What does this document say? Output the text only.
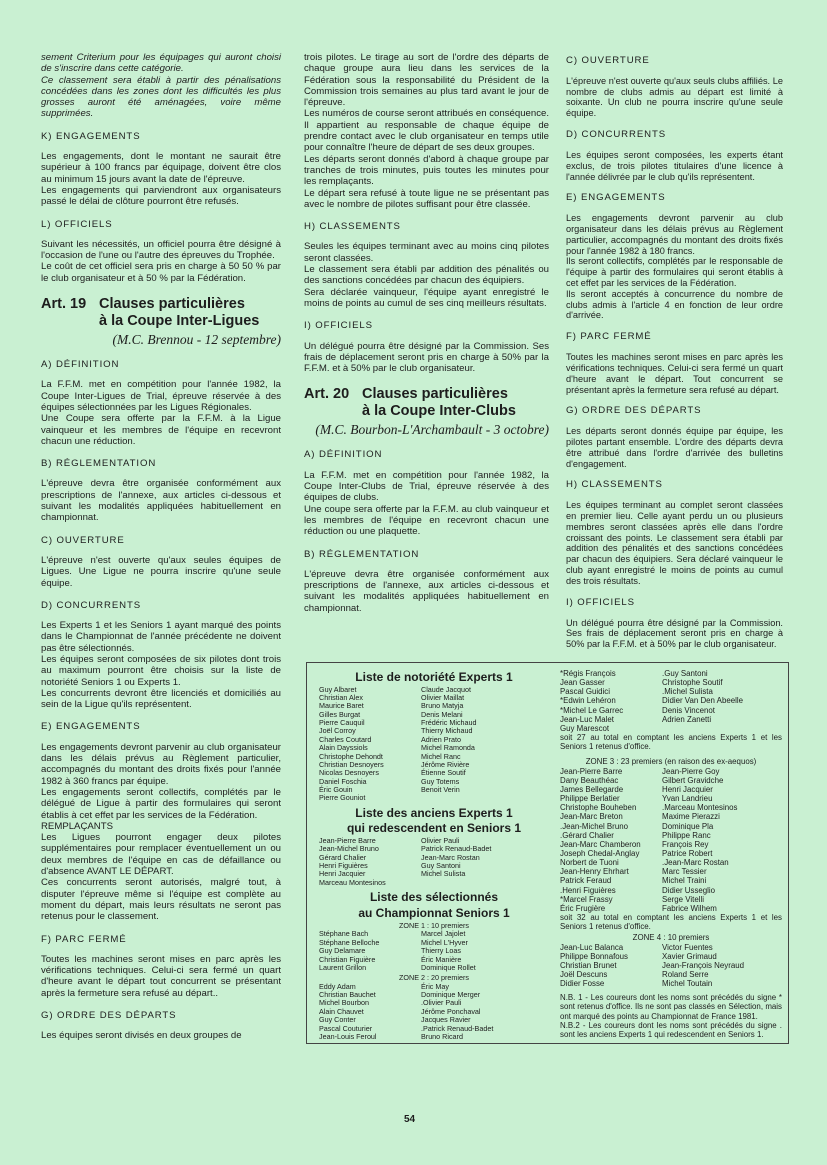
sement Criterium pour les équipages qui auront choisi de s'inscrire dans cette catégorie.

Ce classement sera établi à partir des pénalisations concédées dans les zones dont les difficultés les plus grosses auront été aménagées, voire même supprimées.

K) ENGAGEMENTS

Les engagements, dont le montant ne saurait être supérieur à 100 francs par équipage, doivent être clos au minimum 15 jours avant la date de l'épreuve.

Les engagements qui parviendront aux organisateurs passé le délai de clôture pourront être refusés.

L) OFFICIELS

Suivant les nécessités, un officiel pourra être désigné à l'occasion de l'une ou l'autre des épreuves du Trophée.

Le coût de cet officiel sera pris en charge à 50 50 % par le club organisateur et à 50 % par la Fédération.

Art. 19 Clauses particulières
à la Coupe Inter-Ligues
(M.C. Brennou - 12 septembre)
A) DÉFINITION

La F.F.M. met en compétition pour l'année 1982, la Coupe Inter-Ligues de Trial, épreuve réservée à des équipes sélectionnées par les Ligues Régionales.

Une Coupe sera offerte par la F.F.M. à la Ligue vainqueur et les membres de l'équipe en recevront chacun une réduction.

B) RÉGLEMENTATION

L'épreuve devra être organisée conformément aux prescriptions de l'annexe, aux articles ci-dessous et suivant les modalités appliquées habituellement en championnat.

C) OUVERTURE

L'épreuve n'est ouverte qu'aux seules équipes de Ligues. Une Ligue ne pourra inscrire qu'une seule équipe.

D) CONCURRENTS

Les Experts 1 et les Seniors 1 ayant marqué des points dans le Championnat de l'année précédente ne doivent pas être sélectionnés.

Les équipes seront composées de six pilotes dont trois au maximum pourront être choisis sur la liste de notoriété Seniors 1 ou Experts 1.

Les concurrents devront être licenciés et domiciliés au sein de la Ligue qu'ils représentent.

E) ENGAGEMENTS

Les engagements devront parvenir au club organisateur dans les délais prévus au Règlement particulier, accompagnés du montant des droits fixés pour l'année 1982 à 360 francs par équipe.

Les engagements seront collectifs, complétés par le délégué de Ligue à partir des formulaires qui seront établis à cet effet par les services de la Fédération.

REMPLAÇANTS

Les Ligues pourront engager deux pilotes supplémentaires pour remplacer éventuellement un ou deux membres de l'équipe en cas de défaillance ou d'absence AVANT LE DÉPART.

Ces concurrents seront autorisés, malgré tout, à disputer l'épreuve même si l'équipe est complète au moment du départ, mais leurs résultats ne seront pas retenus pour le classement.

F) PARC FERMÉ

Toutes les machines seront mises en parc après les vérifications techniques. Celui-ci sera fermé un quart d'heure avant le départ tout concurrent se présentant après la fermeture sera refusé au départ..

G) ORDRE DES DÉPARTS

Les équipes seront divisés en deux groupes de

trois pilotes. Le tirage au sort de l'ordre des départs de chaque groupe aura lieu dans les services de la Fédération sous la responsabilité du Président de la Commission trois semaines au plus tard avant le jour de l'épreuve.

Les numéros de course seront attribués en conséquence. Il appartient au responsable de chaque équipe de prendre contact avec le club organisateur en temps utile pour connaître l'heure de départ de ses deux groupes.

Les départs seront donnés d'abord à chaque groupe par tranches de trois minutes, puis toutes les minutes pour les remplaçants.

Le départ sera refusé à toute ligue ne se présentant pas avec le nombre de pilotes suffisant pour être classée.

H) CLASSEMENTS

Seules les équipes terminant avec au moins cinq pilotes seront classées.

Le classement sera établi par addition des pénalités ou des sanctions concédées par chacun des équipiers.

Sera déclarée vainqueur, l'équipe ayant enregistré le moins de points au cumul de ses cinq meilleurs résultats.

I) OFFICIELS

Un délégué pourra être désigné par la Commission. Ses frais de déplacement seront pris en charge à 50% par la F.F.M. et à 50% par le club organisateur.

Art. 20 Clauses particulières
à la Coupe Inter-Clubs
(M.C. Bourbon-L'Archambault - 3 octobre)
A) DÉFINITION

La F.F.M. met en compétition pour l'année 1982, la Coupe Inter-Clubs de Trial, épreuve réservée à des équipes de clubs.

Une coupe sera offerte par la F.F.M. au club vainqueur et les membres de l'équipe en recevront chacun une réduction ou une plaquette.

B) RÉGLEMENTATION

L'épreuve devra être organisée conformément aux prescriptions de l'annexe, aux articles ci-dessous et suivant les modalités appliquées habituellement en championnat.

C) OUVERTURE

L'épreuve n'est ouverte qu'aux seuls clubs affiliés. Le nombre de clubs admis au départ est limité à soixante. Un club ne pourra inscrire qu'une seule équipe.

D) CONCURRENTS

Les équipes seront composées, les experts étant exclus, de trois pilotes titulaires d'une licence à l'année délivrée par le club qu'ils représentent.

E) ENGAGEMENTS

Les engagements devront parvenir au club organisateur dans les délais prévus au Règlement particulier, accompagnés du montant des droits fixés pour l'année 1982 à 180 francs.

Ils seront collectifs, complétés par le responsable de l'équipe à partir des formulaires qui seront établis à cet effet par les services de la Fédération.

Ils seront acceptés à concurrence du nombre de clubs admis à l'article 4 en fonction de leur ordre d'arrivée.

F) PARC FERMÉ

Toutes les machines seront mises en parc après les vérifications techniques. Celui-ci sera fermé un quart d'heure avant le départ. Tout concurrent se présentant après la fermeture sera refusé au départ.

G) ORDRE DES DÉPARTS

Les départs seront donnés équipe par équipe, les pilotes partant ensemble. L'ordre des départs devra être attribué dans l'ordre d'arrivée des bulletins d'engagement.

H) CLASSEMENTS

Les équipes terminant au complet seront classées en premier lieu. Celle ayant perdu un ou plusieurs membres seront classées après elle dans l'ordre croissant des points. Le classement sera établi par addition des pénalités et des sanctions concédées par chacun des équipiers. Sera déclaré vainqueur le club ayant enregistré le moins de points au cumul des trois résultats.

I) OFFICIELS

Un délégué pourra être désigné par la Commission. Ses frais de déplacement seront pris en charge à 50% par la F.F.M. et à 50% par le club organisateur.

Liste de notoriété Experts 1
Guy Albaret	Claude Jacquot
Christian Alex	Olivier Maillat
Maurice Baret	Bruno Matyja
Gilles Burgat	Denis Melani
Pierre Cauquil	Frédéric Michaud
Joël Corroy	Thierry Michaud
Charles Coutard	Adrien Prato
Alain Dayssiols	Michel Ramonda
Christophe Dehondt	Michel Ranc
Christian Desnoyers	Jérôme Rivière
Nicolas Desnoyers	Étienne Soutif
Daniel Foschia	Guy Totems
Éric Gouin	Benoit Verin
Pierre Gouniot
Liste des anciens Experts 1
qui redescendent en Seniors 1
Jean-Pierre Barre	Olivier Pauli
Jean-Michel Bruno	Patrick Renaud-Badet
Gérard Chalier	Jean-Marc Rostan
Henri Figuières	Guy Santoni
Henri Jacquier	Michel Sulista
Marceau Montesinos
Liste des sélectionnés
au Championnat Seniors 1
ZONE 1 : 10 premiers
Stéphane Bach	Marcel Jajolet
Stéphane Belloche	Michel L'Hyver
Guy Delamare	Thierry Loas
Christian Figuière	Éric Manière
Laurent Grillon	Dominique Rollet
ZONE 2 : 20 premiers
Eddy Adam	Éric May
Christian Bauchet	Dominique Merger
Michel Bourbon	.Olivier Pauli
Alain Chauvet	Jérôme Ponchaval
Guy Conter	Jacques Ravier
Pascal Couturier	.Patrick Renaud-Badet
Jean-Louis Feroul	Bruno Ricard
*Régis François	.Guy Santoni
Jean Gasser	Christophe Soutif
Pascal Guidici	.Michel Sulista
*Edwin Lehéron	Didier Van Den Abeelle
*Michel Le Garrec	Denis Vincenot
Jean-Luc Malet	Adrien Zanetti
Guy Marescot

soit 27 au total en comptant les anciens Experts 1 et les Seniors 1 retenus d'office.

ZONE 3 : 23 premiers (en raison des ex-aequos)
Jean-Pierre Barre	Jean-Pierre Goy
Dany Beauthéac	Gilbert Gravidche
James Bellegarde	Henri Jacquier
Philippe Berlatier	Yvan Landrieu
Christophe Bouheben	.Marceau Montesinos
Jean-Marc Breton	Maxime Pierazzi
.Jean-Michel Bruno	Dominique Pla
.Gérard Chalier	Philippe Ranc
Jean-Marc Chamberon	François Rey
Joseph Chedal-Anglay	Patrice Robert
Norbert de Tuoni	.Jean-Marc Rostan
Jean-Henry Ehrhart	Marc Tessier
Patrick Feraud	Michel Traini
.Henri Figuières	Didier Usseglio
*Marcel Frassy	Serge Vitelli
Éric Frugière	Fabrice Wilhem

soit 32 au total en comptant les anciens Experts 1 et les Seniors 1 retenus d'office.

ZONE 4 : 10 premiers
Jean-Luc Balanca	Victor Fuentes
Philippe Bonnafous	Xavier Grimaud
Christian Brunet	Jean-François Neyraud
Joël Descuns	Roland Serre
Didier Fosse	Michel Toutain

N.B. 1 - Les coureurs dont les noms sont précédés du signe * sont retenus d'office. Ils ne sont pas classés en Sélection, mais ont marqué des points au Championnat de France 1981.

N.B.2 - Les coureurs dont les noms sont précédés du signe . sont les anciens Experts 1 qui redescendent en Seniors 1.

54
